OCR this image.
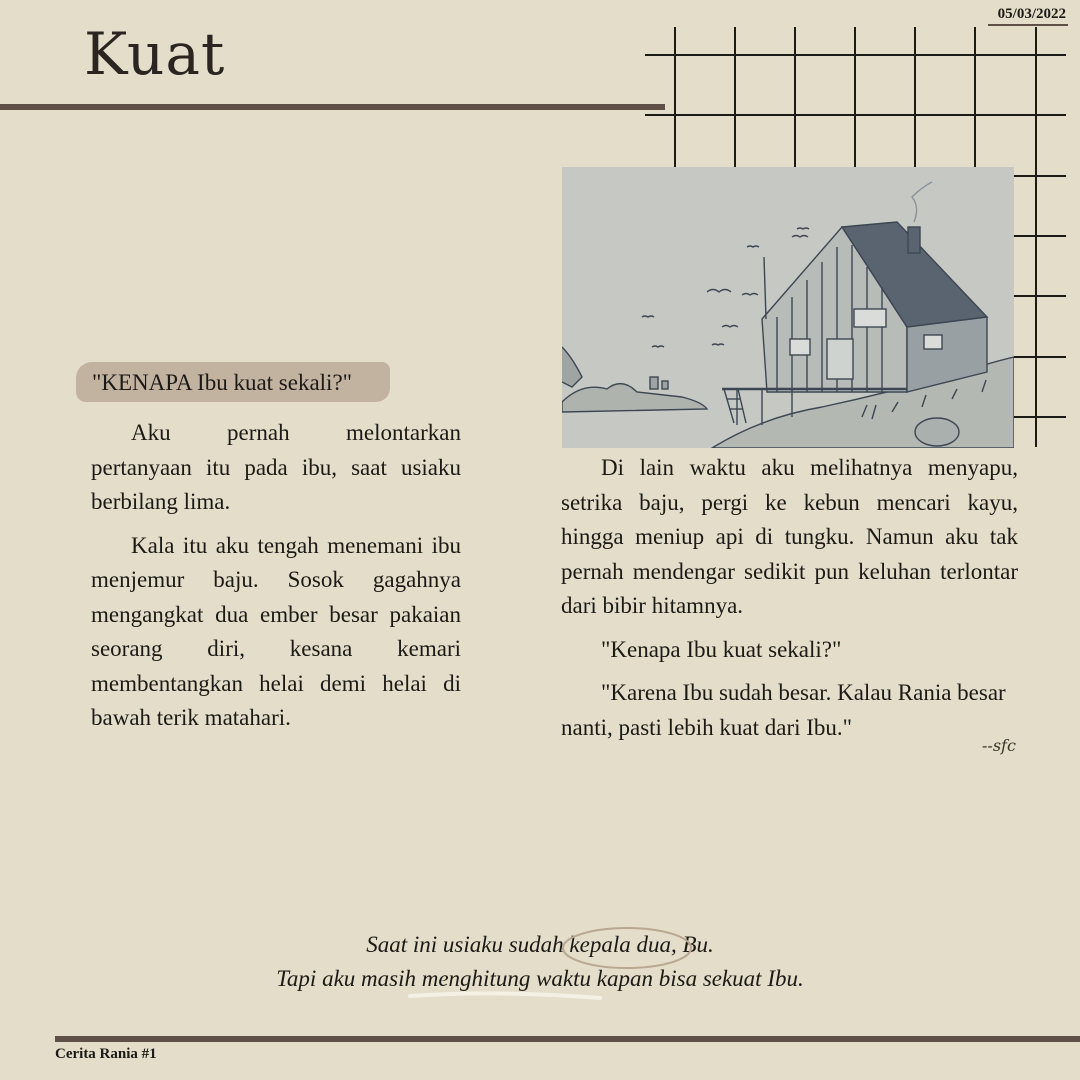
05/03/2022
Kuat
"KENAPA Ibu kuat sekali?"

Aku pernah melontarkan pertanyaan itu pada ibu, saat usiaku berbilang lima.

Kala itu aku tengah menemani ibu menjemur baju. Sosok gagahnya mengangkat dua ember besar pakaian seorang diri, kesana kemari membentangkan helai demi helai di bawah terik matahari.

Di lain waktu aku melihatnya menyapu, setrika baju, pergi ke kebun mencari kayu, hingga meniup api di tungku. Namun aku tak pernah mendengar sedikit pun keluhan terlontar dari bibir hitamnya.

"Kenapa Ibu kuat sekali?"

"Karena Ibu sudah besar. Kalau Rania besar nanti, pasti lebih kuat dari Ibu."

--sfc
Saat ini usiaku sudah kepala dua, Bu.
Tapi aku masih menghitung waktu kapan bisa sekuat Ibu.
Cerita Rania #1
